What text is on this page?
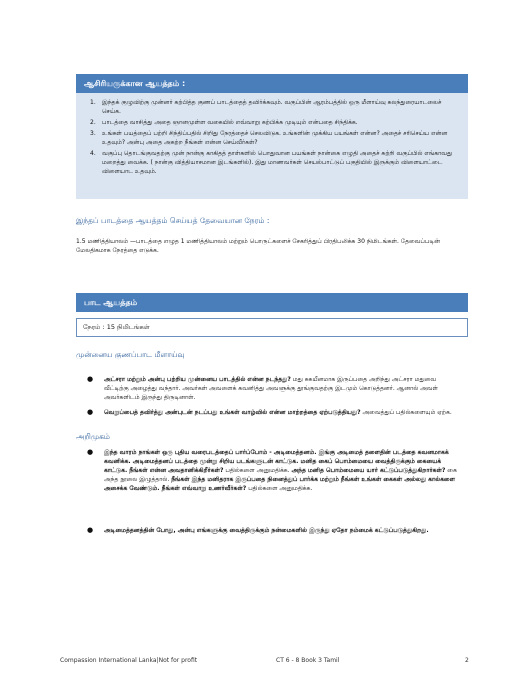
ஆசிரியருக்கான ஆயத்தம் :
1.	இந்தக் குழுவிற்கு முன்னர் கற்பித்த குணப் பாடத்தைத் தவிர்க்கவும். வகுப்பின் ஆரம்பத்தில் ஒரு மீளாய்வு கலந்துரையாடலைச் செய்க.
2.	பாடத்தை வாசித்து அதை ஞானமுள்ள வகையில் எவ்வாறு கற்பிக்க முடியும் என்பதை சிந்திக்க.
3.	உங்கள் பயத்தைப் பற்றி சிந்திப்பதில் சிறிது நேரத்தைச் செலவிடுக. உங்களின் முக்கிய பயங்கள் என்ன? அதைச் சரிசெய்ய என்ன உதவும்? அன்பு அதை அகற்ற நீங்கள் என்ன செய்வீர்கள்?
4.	வகுப்பு தொடங்குவதற்கு முன் நான்கு காகிதத் தாள்களில் பொதுவான பயங்கள் நான்கை எழுதி அதைச் சுற்றி வகுப்பில் எங்காவது மறைத்து வைக்க. ( நான்கு வித்தியாசமான இடங்களில்). இது மாணவர்கள் செயல்பாட்டுப் பகுதியில் இருக்கும் விளையாட்டை விளையாட உதவும்.
இந்தப் பாடத்தை ஆயத்தம் செய்யத் தேவையான நேரம் :
1.5 மணித்தியாலம் —பாடத்தை எழுத 1 மணித்தியாலம் மற்றும் பொருட்களைச் சேகரித்துப் பிரதிபலிக்க 30 நிமிடங்கள். தேவைப்படின் மேலதிகமாக நேரத்தை எடுக்க.
பாட ஆயத்தம்
நேரம் : 15 நிமிடங்கள்
முன்னைய குணப்பாட மீளாய்வு
● அட்சரா மற்றும் அன்பு பற்றிய முன்னைய பாடத்தில் என்ன நடந்தது? மது சுகயீனமாக இருப்பதை அறிந்து அட்சரா மதுவை வீட்டிற்கு அழைத்து வந்தார். அவர்கள் அவளைக் கவனித்து அவளுக்கு தூங்குவதற்கு இடமும் கொடுத்தனர். ஆனால் அவள் அவர்களிடம் இருந்து திருடினாள்.
● வெறுப்பைத் தவிர்த்து அன்புடன் நடப்பது உங்கள் வாழ்வில் என்ன மாற்றத்தை ஏற்படுத்தியது? அவைத்துப் பதில்களையும் ஏற்க.
அறிமுகம்
● இந்த வாரம் நாங்கள் ஒரு புதிய வரைபடத்தைப் பார்ப்போம் - அடிமைத்தனம். இங்கு அடிமைத் தளைதின் படத்தை கவனமாகக் கவனிக்க. அடிமைத்தனப் படத்தை மூன்று சிறிய படங்களுடன் காட்டுக. மனித கைப் பொம்மையை வைத்திருக்கும் கையைக் காட்டுக. நீங்கள் என்ன அவதானிக்கிறீர்கள்? பதில்களை அனுமதிக்க. அந்த மனித பொம்மையை யார் கட்டுப்படுத்துகிறார்கள்? கை அந்த நூலை இழுத்தால். நீங்கள் இந்த மனிதராக இருப்பதை நினைத்துப் பார்க்க மற்றும் நீங்கள் உங்கள் கைகள் அல்லது கால்களை அசைக்க வேண்டும். நீங்கள் எவ்வாறு உணர்வீர்கள்? பதில்களை அனுமதிக்க.
● அடிமைத்தனத்தின் போது, அன்பு எங்களுக்கு வைத்திருக்கும் நன்மைகளில் இருந்து ஏதோ நம்மைக் கட்டுப்படுத்துகிறது.
Compassion International Lanka|Not for profit	CT 6 - 8 Book 3 Tamil	2
